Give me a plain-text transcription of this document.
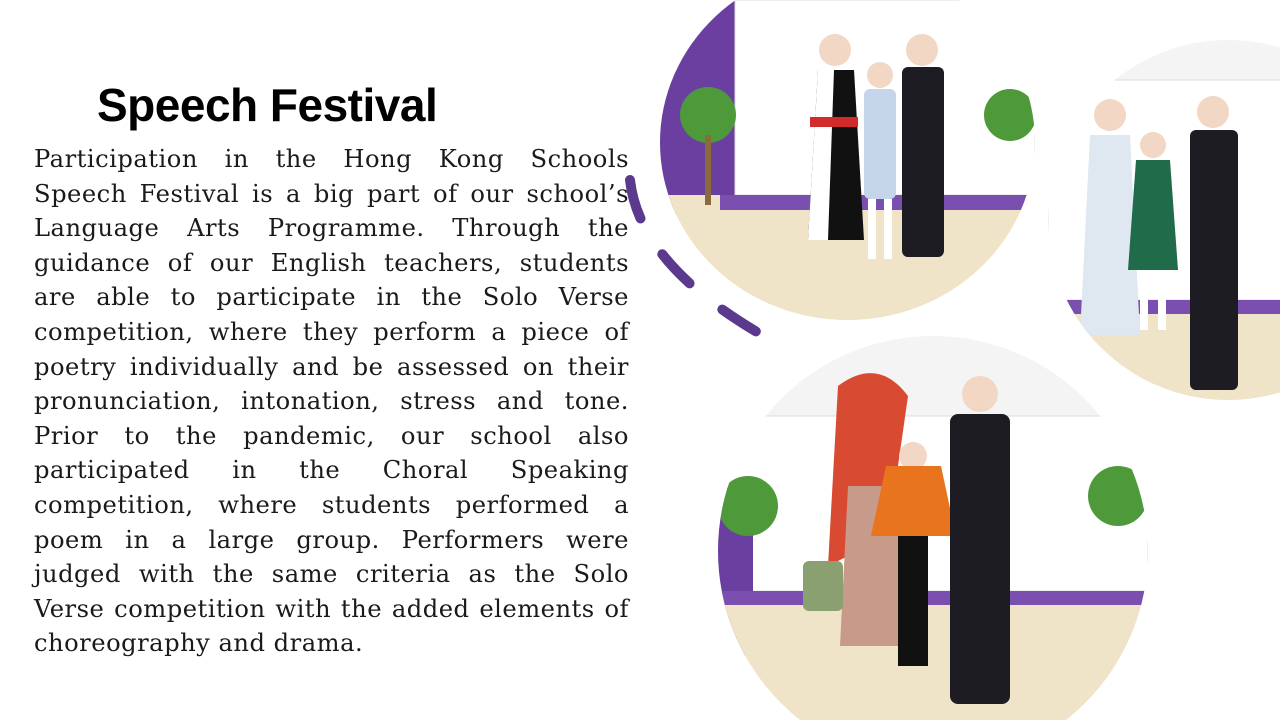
Speech Festival
Participation in the Hong Kong Schools Speech Festival is a big part of our school’s Language Arts Programme. Through the guidance of our English teachers, students are able to participate in the Solo Verse competition, where they perform a piece of poetry individually and be assessed on their pronunciation, intonation, stress and tone. Prior to the pandemic, our school also participated in the Choral Speaking competition, where students performed a poem in a large group. Performers were judged with the same criteria as the Solo Verse competition with the added elements of choreography and drama.
